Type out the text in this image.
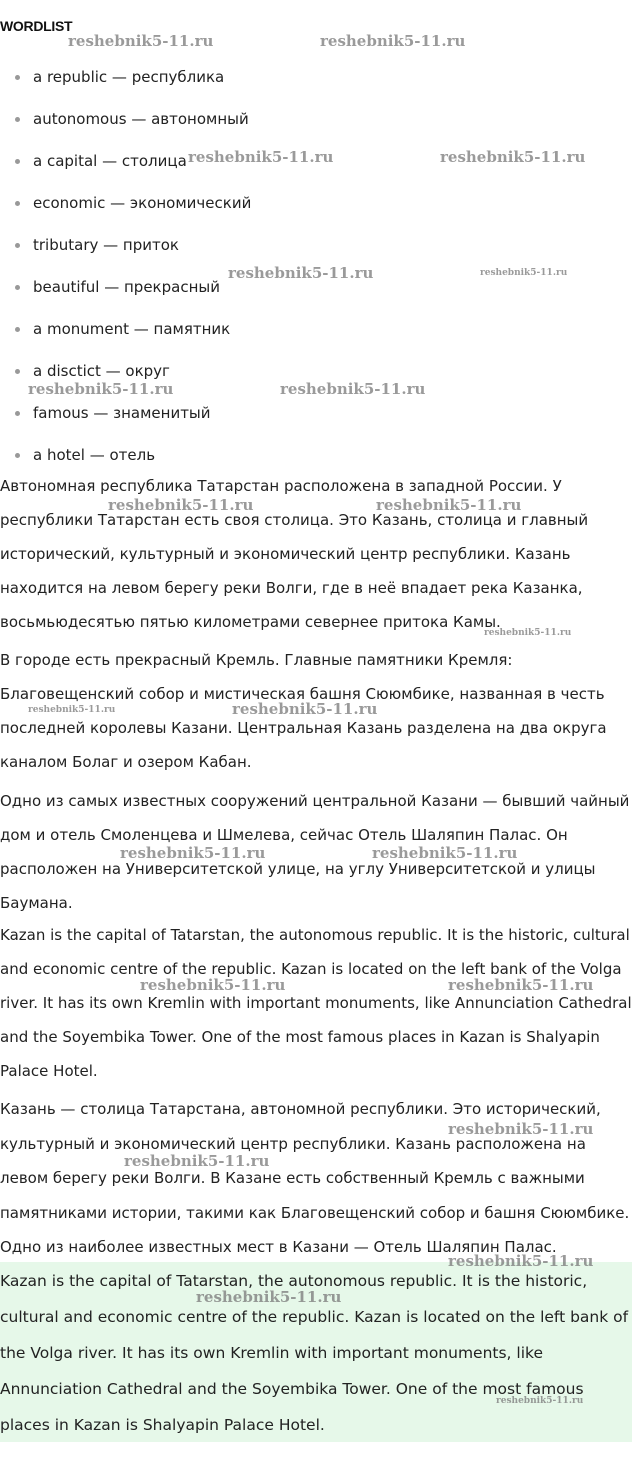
WORDLIST
a republic — республика
autonomous — автономный
a capital — столица
economic — экономический
tributary — приток
beautiful — прекрасный
a monument — памятник
a disctict — округ
famous — знаменитый
a hotel — отель

Автономная республика Татарстан расположена в западной России. У республики Татарстан есть своя столица. Это Казань, столица и главный исторический, культурный и экономический центр республики. Казань находится на левом берегу реки Волги, где в неё впадает река Казанка, восьмьюдесятью пятью километрами севернее притока Камы.

В городе есть прекрасный Кремль. Главные памятники Кремля: Благовещенский собор и мистическая башня Сююмбике, названная в честь последней королевы Казани. Центральная Казань разделена на два округа каналом Болаг и озером Кабан.

Одно из самых известных сооружений центральной Казани — бывший чайный дом и отель Смоленцева и Шмелева, сейчас Отель Шаляпин Палас. Он расположен на Университетской улице, на углу Университетской и улицы Баумана.

Kazan is the capital of Tatarstan, the autonomous republic. It is the historic, cultural and economic centre of the republic. Kazan is located on the left bank of the Volga river. It has its own Kremlin with important monuments, like Annunciation Cathedral and the Soyembika Tower. One of the most famous places in Kazan is Shalyapin Palace Hotel.

Казань — столица Татарстана, автономной республики. Это исторический, культурный и экономический центр республики. Казань расположена на левом берегу реки Волги. В Казане есть собственный Кремль с важными памятниками истории, такими как Благовещенский собор и башня Сююмбике. Одно из наиболее известных мест в Казани — Отель Шаляпин Палас.

Kazan is the capital of Tatarstan, the autonomous republic. It is the historic, cultural and economic centre of the republic. Kazan is located on the left bank of the Volga river. It has its own Kremlin with important monuments, like Annunciation Cathedral and the Soyembika Tower. One of the most famous places in Kazan is Shalyapin Palace Hotel.

reshebnik5-11.ru	reshebnik5-11.ru
reshebnik5-11.ru	reshebnik5-11.ru
reshebnik5-11.ru	reshebnik5-11.ru
reshebnik5-11.ru	reshebnik5-11.ru
reshebnik5-11.ru	reshebnik5-11.ru
reshebnik5-11.ru
reshebnik5-11.ru	reshebnik5-11.ru
reshebnik5-11.ru	reshebnik5-11.ru
reshebnik5-11.ru	reshebnik5-11.ru
reshebnik5-11.ru
reshebnik5-11.ru
reshebnik5-11.ru
reshebnik5-11.ru
reshebnik5-11.ru
